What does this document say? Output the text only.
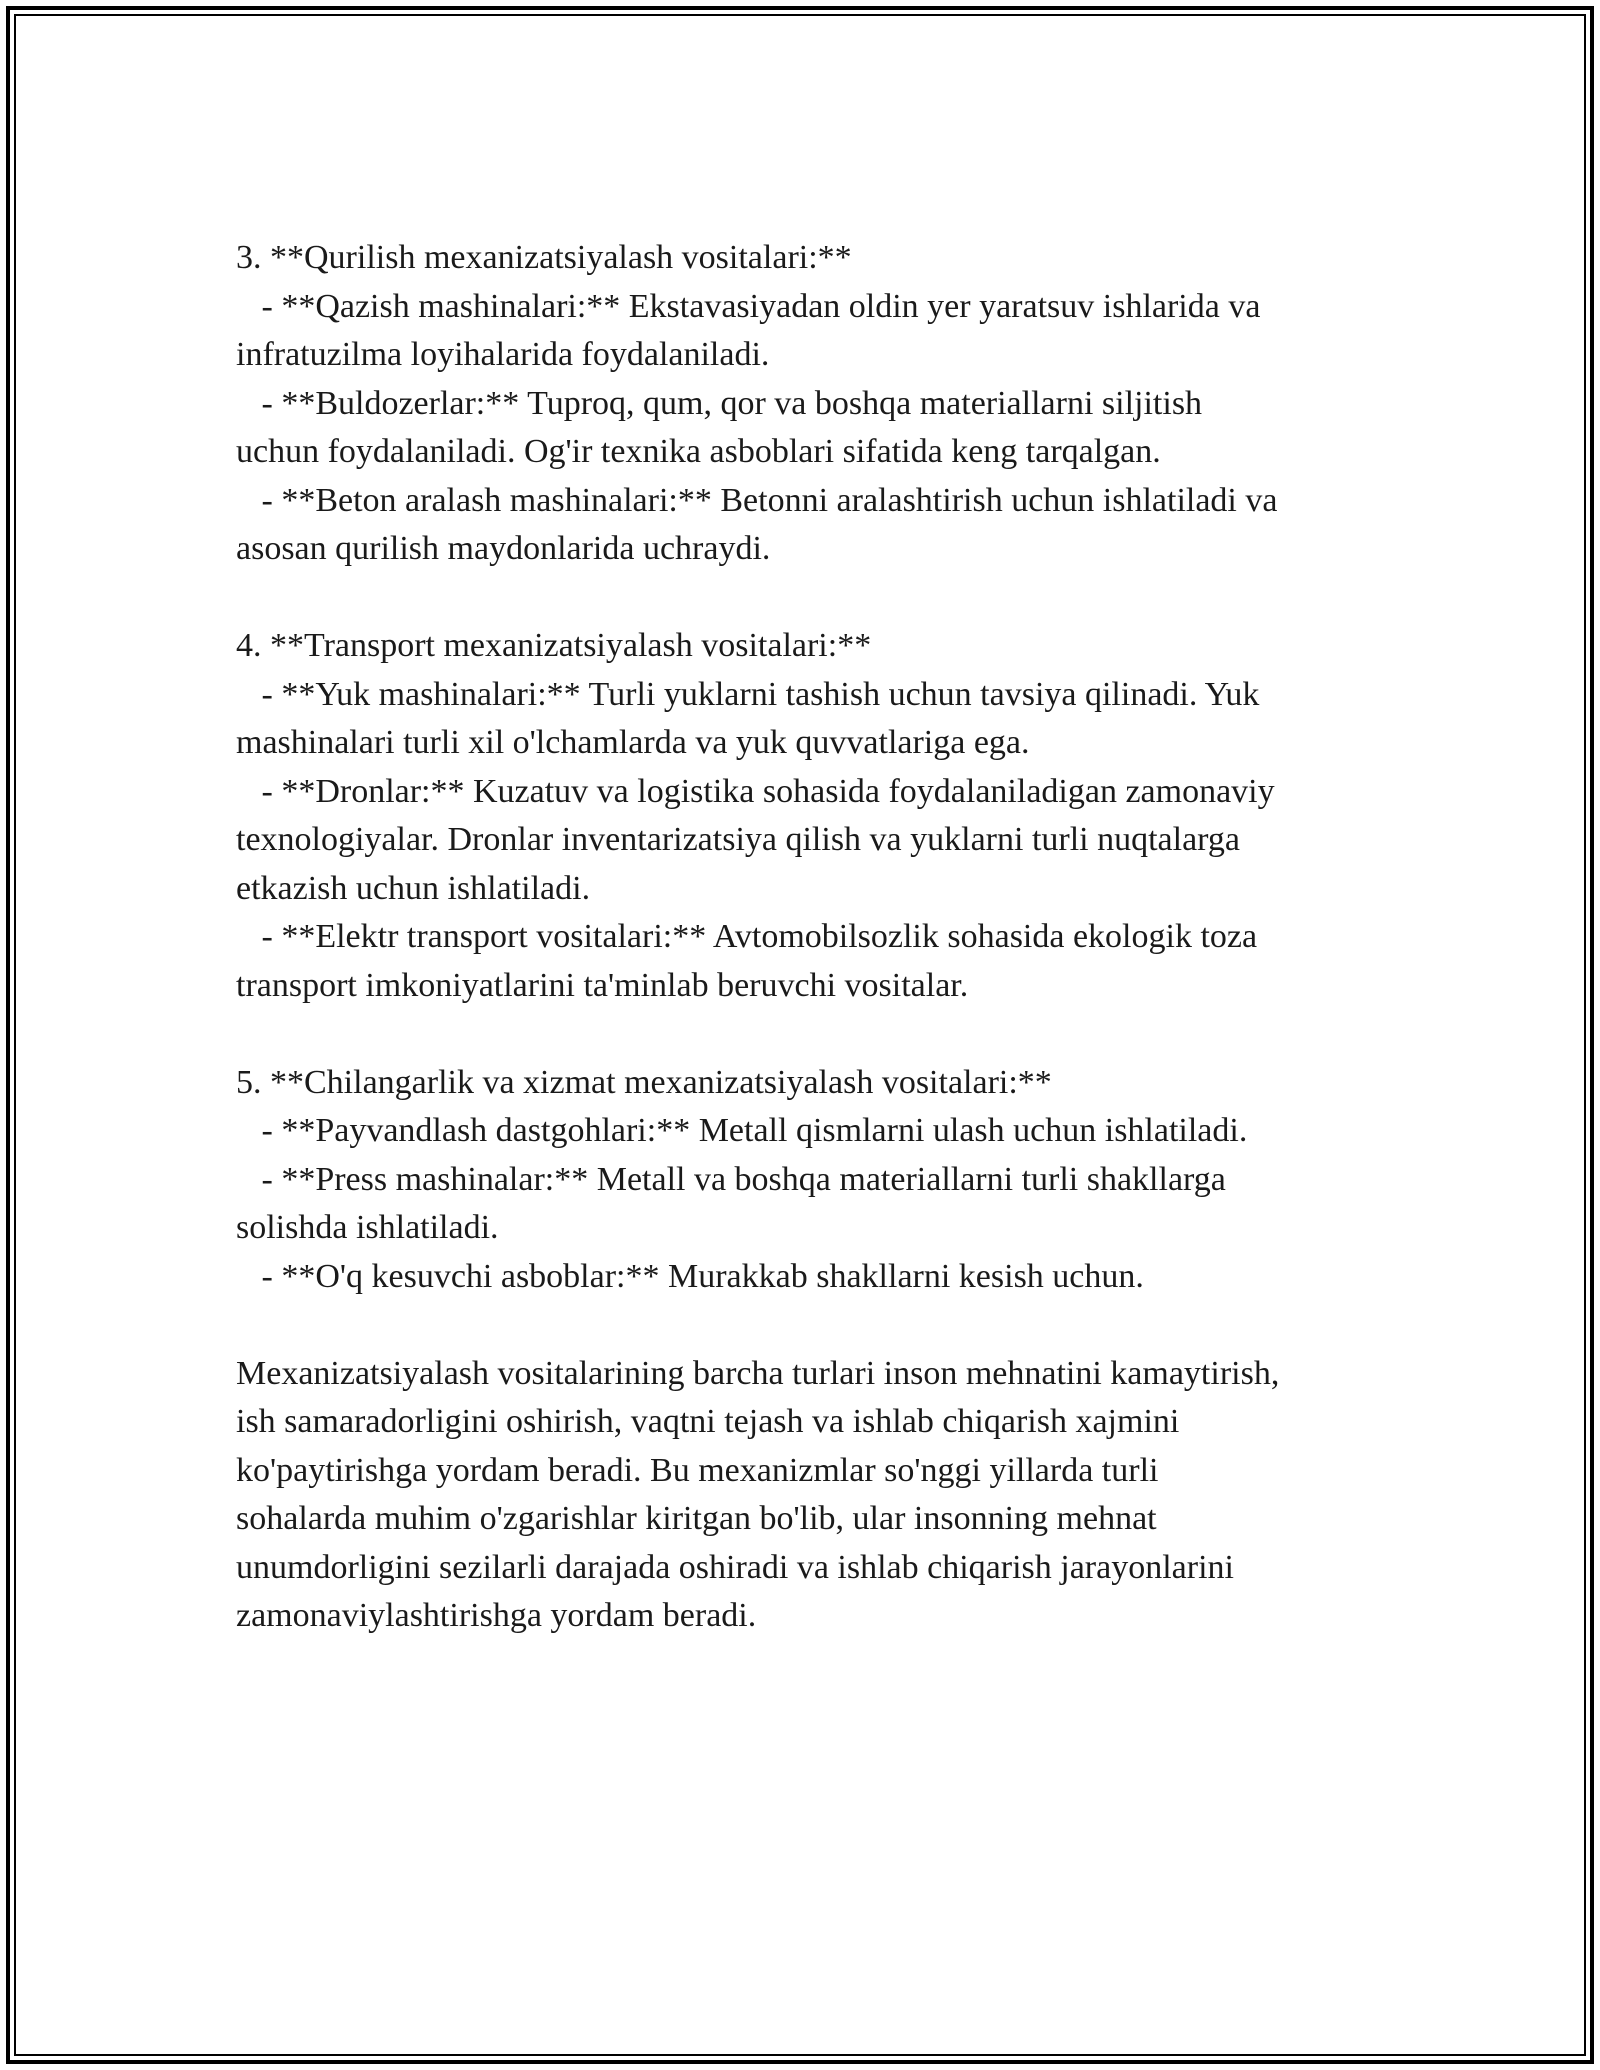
3. **Qurilish mexanizatsiyalash vositalari:**
- **Qazish mashinalari:** Ekstavasiyadan oldin yer yaratsuv ishlarida va
infratuzilma loyihalarida foydalaniladi.
- **Buldozerlar:** Tuproq, qum, qor va boshqa materiallarni siljitish
uchun foydalaniladi. Og'ir texnika asboblari sifatida keng tarqalgan.
- **Beton aralash mashinalari:** Betonni aralashtirish uchun ishlatiladi va
asosan qurilish maydonlarida uchraydi.
4. **Transport mexanizatsiyalash vositalari:**
- **Yuk mashinalari:** Turli yuklarni tashish uchun tavsiya qilinadi. Yuk
mashinalari turli xil o'lchamlarda va yuk quvvatlariga ega.
- **Dronlar:** Kuzatuv va logistika sohasida foydalaniladigan zamonaviy
texnologiyalar. Dronlar inventarizatsiya qilish va yuklarni turli nuqtalarga
etkazish uchun ishlatiladi.
- **Elektr transport vositalari:** Avtomobilsozlik sohasida ekologik toza
transport imkoniyatlarini ta'minlab beruvchi vositalar.
5. **Chilangarlik va xizmat mexanizatsiyalash vositalari:**
- **Payvandlash dastgohlari:** Metall qismlarni ulash uchun ishlatiladi.
- **Press mashinalar:** Metall va boshqa materiallarni turli shakllarga
solishda ishlatiladi.
- **O'q kesuvchi asboblar:** Murakkab shakllarni kesish uchun.
Mexanizatsiyalash vositalarining barcha turlari inson mehnatini kamaytirish,
ish samaradorligini oshirish, vaqtni tejash va ishlab chiqarish xajmini
ko'paytirishga yordam beradi. Bu mexanizmlar so'nggi yillarda turli
sohalarda muhim o'zgarishlar kiritgan bo'lib, ular insonning mehnat
unumdorligini sezilarli darajada oshiradi va ishlab chiqarish jarayonlarini
zamonaviylashtirishga yordam beradi.
